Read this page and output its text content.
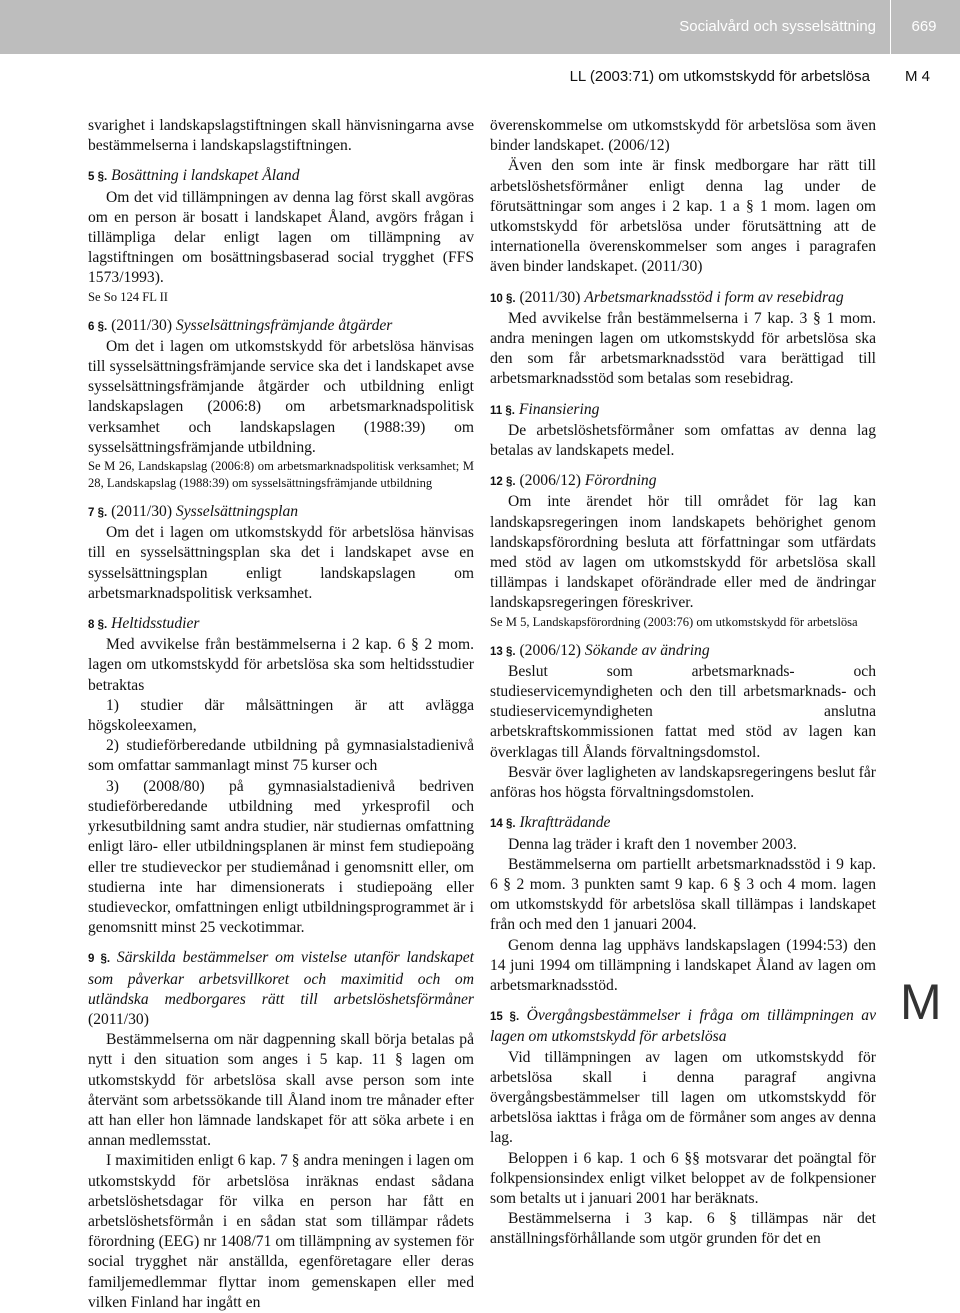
Socialvård och sysselsättning	669
LL (2003:71) om utkomstskydd för arbetslösa M 4

svarighet i landskapslagstiftningen skall hänvisningarna avse bestämmelserna i landskapslagstiftningen.

5 §. Bosättning i landskapet Åland

Om det vid tillämpningen av denna lag först skall avgöras om en person är bosatt i landskapet Åland, avgörs frågan i tillämpliga delar enligt lagen om tillämpning av lagstiftningen om bosättningsbaserad social trygghet (FFS 1573/1993).

Se So 124 FL II

6 §. (2011/30) Sysselsättningsfrämjande åtgärder

Om det i lagen om utkomstskydd för arbetslösa hänvisas till sysselsättningsfrämjande service ska det i landskapet avse sysselsättningsfrämjande åtgärder och utbildning enligt landskapslagen (2006:8) om arbetsmarknadspolitisk verksamhet och landskapslagen (1988:39) om sysselsättningsfrämjande utbildning.

Se M 26, Landskapslag (2006:8) om arbetsmarknadspolitisk verksamhet; M 28, Landskapslag (1988:39) om sysselsättningsfrämjande utbildning

7 §. (2011/30) Sysselsättningsplan

Om det i lagen om utkomstskydd för arbetslösa hänvisas till en sysselsättningsplan ska det i landskapet avse en sysselsättningsplan enligt landskapslagen om arbetsmarknadspolitisk verksamhet.

8 §. Heltidsstudier

Med avvikelse från bestämmelserna i 2 kap. 6 § 2 mom. lagen om utkomstskydd för arbetslösa ska som heltidsstudier betraktas

1) studier där målsättningen är att avlägga högskoleexamen,

2) studieförberedande utbildning på gymnasialstadienivå som omfattar sammanlagt minst 75 kurser och

3) (2008/80) på gymnasialstadienivå bedriven studieförberedande utbildning med yrkesprofil och yrkesutbildning samt andra studier, när studiernas omfattning enligt läro- eller utbildningsplanen är minst fem studiepoäng eller tre studieveckor per studiemånad i genomsnitt eller, om studierna inte har dimensionerats i studiepoäng eller studieveckor, omfattningen enligt utbildningsprogrammet är i genomsnitt minst 25 veckotimmar.

9 §. Särskilda bestämmelser om vistelse utanför landskapet som påverkar arbetsvillkoret och maximitid och om utländska medborgares rätt till arbetslöshetsförmåner (2011/30)

Bestämmelserna om när dagpenning skall börja betalas på nytt i den situation som anges i 5 kap. 11 § lagen om utkomstskydd för arbetslösa skall avse person som inte återvänt som arbetssökande till Åland inom tre månader efter att han eller hon lämnade landskapet för att söka arbete i en annan medlemsstat.

I maximitiden enligt 6 kap. 7 § andra meningen i lagen om utkomstskydd för arbetslösa inräknas endast sådana arbetslöshetsdagar för vilka en person har fått en arbetslöshetsförmån i en sådan stat som tillämpar rådets förordning (EEG) nr 1408/71 om tillämpning av systemen för social trygghet när anställda, egenföretagare eller deras familjemedlemmar flyttar inom gemenskapen eller med vilken Finland har ingått en

överenskommelse om utkomstskydd för arbetslösa som även binder landskapet. (2006/12)

Även den som inte är finsk medborgare har rätt till arbetslöshetsförmåner enligt denna lag under de förutsättningar som anges i 2 kap. 1 a § 1 mom. lagen om utkomstskydd för arbetslösa under förutsättning att de internationella överenskommelser som anges i paragrafen även binder landskapet. (2011/30)

10 §. (2011/30) Arbetsmarknadsstöd i form av resebidrag

Med avvikelse från bestämmelserna i 7 kap. 3 § 1 mom. andra meningen lagen om utkomstskydd för arbetslösa ska den som får arbetsmarknadsstöd vara berättigad till arbetsmarknadsstöd som betalas som resebidrag.

11 §. Finansiering

De arbetslöshetsförmåner som omfattas av denna lag betalas av landskapets medel.

12 §. (2006/12) Förordning

Om inte ärendet hör till området för lag kan landskapsregeringen inom landskapets behörighet genom landskapsförordning besluta att författningar som utfärdats med stöd av lagen om utkomstskydd för arbetslösa skall tillämpas i landskapet oförändrade eller med de ändringar landskapsregeringen föreskriver.

Se M 5, Landskapsförordning (2003:76) om utkomstskydd för arbetslösa

13 §. (2006/12) Sökande av ändring

Beslut som arbetsmarknads- och studieservicemyndigheten och den till arbetsmarknads- och studieservicemyndigheten anslutna arbetskraftskommissionen fattat med stöd av lagen kan överklagas till Ålands förvaltningsdomstol.

Besvär över lagligheten av landskapsregeringens beslut får anföras hos högsta förvaltningsdomstolen.

14 §. Ikraftträdande

Denna lag träder i kraft den 1 november 2003.

Bestämmelserna om partiellt arbetsmarknadsstöd i 9 kap. 6 § 2 mom. 3 punkten samt 9 kap. 6 § 3 och 4 mom. lagen om utkomstskydd för arbetslösa skall tillämpas i landskapet från och med den 1 januari 2004.

Genom denna lag upphävs landskapslagen (1994:53) den 14 juni 1994 om tillämpning i landskapet Åland av lagen om arbetsmarknadsstöd.

15 §. Övergångsbestämmelser i fråga om tillämpningen av lagen om utkomstskydd för arbetslösa

Vid tillämpningen av lagen om utkomstskydd för arbetslösa skall i denna paragraf angivna övergångsbestämmelser till lagen om utkomstskydd för arbetslösa iakttas i fråga om de förmåner som anges av denna lag.

Beloppen i 6 kap. 1 och 6 §§ motsvarar det poängtal för folkpensionsindex enligt vilket beloppet av de folkpensioner som betalts ut i januari 2001 har beräknats.

Bestämmelserna i 3 kap. 6 § tillämpas när det anställningsförhållande som utgör grunden för det en

M
